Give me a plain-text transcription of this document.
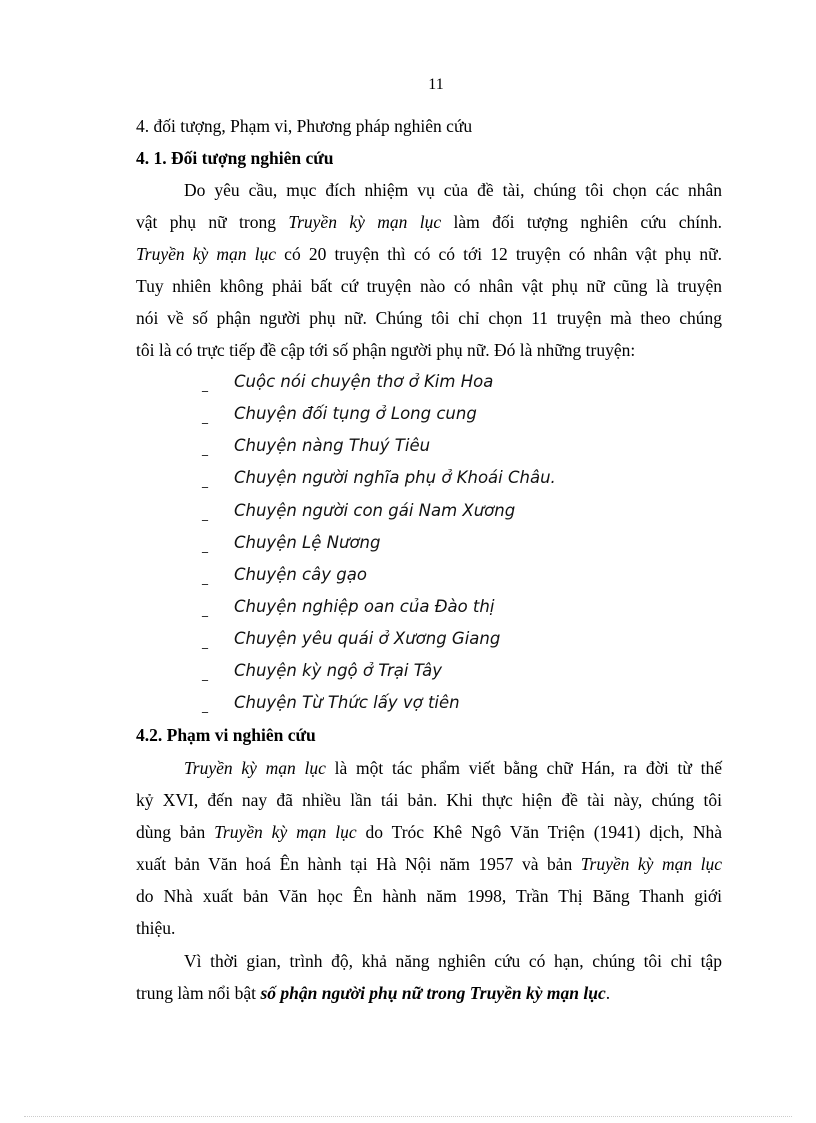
11
4. đối tượng, Phạm vi, Phương pháp nghiên cứu
4. 1. Đối tượng nghiên cứu
Do yêu cầu, mục đích nhiệm vụ của đề tài, chúng tôi chọn các nhân
vật phụ nữ trong Truyền kỳ mạn lục làm đối tượng nghiên cứu chính.
Truyền kỳ mạn lục có 20 truyện thì có có tới 12 truyện có nhân vật phụ nữ.
Tuy nhiên không phải bất cứ truyện nào có nhân vật phụ nữ cũng là truyện
nói về số phận người phụ nữ. Chúng tôi chỉ chọn 11 truyện mà theo chúng
tôi là có trực tiếp đề cập tới số phận người phụ nữ. Đó là những truyện:
_ Cuộc nói chuyện thơ ở Kim Hoa
_ Chuyện đối tụng ở Long cung
_ Chuyện nàng Thuý Tiêu
_ Chuyện người nghĩa phụ ở Khoái Châu.
_ Chuyện người con gái Nam Xương
_ Chuyện Lệ Nương
_ Chuyện cây gạo
_ Chuyện nghiệp oan của Đào thị
_ Chuyện yêu quái ở Xương Giang
_ Chuyện kỳ ngộ ở Trại Tây
_ Chuyện Từ Thức lấy vợ tiên
4.2. Phạm vi nghiên cứu
Truyền kỳ mạn lục là một tác phẩm viết bằng chữ Hán, ra đời từ thế
kỷ XVI, đến nay đã nhiều lần tái bản. Khi thực hiện đề tài này, chúng tôi
dùng bản Truyền kỳ mạn lục do Tróc Khê Ngô Văn Triện (1941) dịch, Nhà
xuất bản Văn hoá Ên hành tại Hà Nội năm 1957 và bản Truyền kỳ mạn lục
do Nhà xuất bản Văn học Ên hành năm 1998, Trần Thị Băng Thanh giới
thiệu.
Vì thời gian, trình độ, khả năng nghiên cứu có hạn, chúng tôi chỉ tập
trung làm nổi bật số phận người phụ nữ trong Truyền kỳ mạn lục.
